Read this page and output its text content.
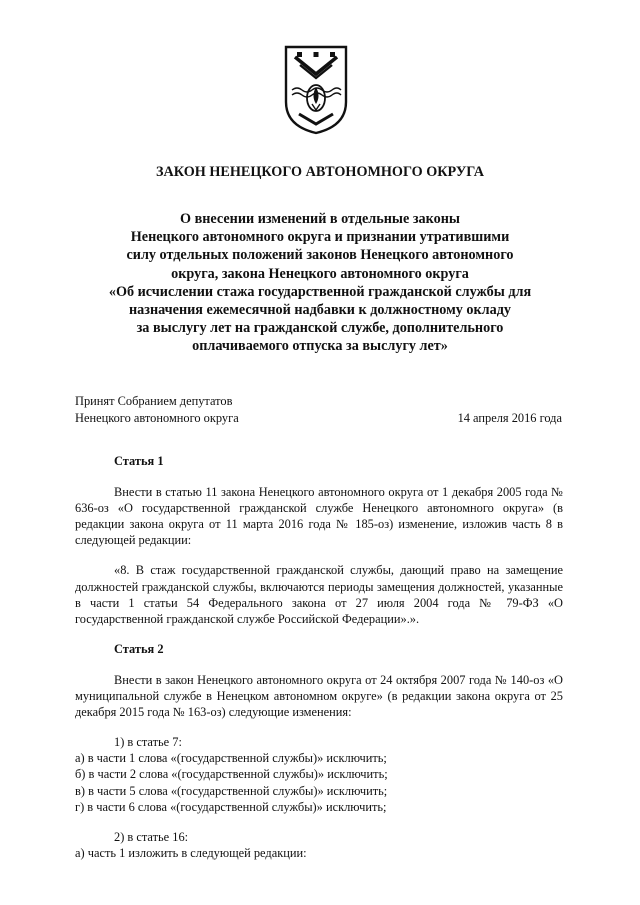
ЗАКОН НЕНЕЦКОГО АВТОНОМНОГО ОКРУГА
О внесении изменений в отдельные законы
Ненецкого автономного округа и признании утратившими
силу отдельных положений законов Ненецкого автономного
округа, закона Ненецкого автономного округа
«Об исчислении стажа государственной гражданской службы для
назначения ежемесячной надбавки к должностному окладу
за выслугу лет на гражданской службе, дополнительного
оплачиваемого отпуска за выслугу лет»
Принят Собранием депутатов
Ненецкого автономного округа	14 апреля 2016 года
Статья 1

Внести в статью 11 закона Ненецкого автономного округа от 1 декабря 2005 года № 636-оз «О государственной гражданской службе Ненецкого автономного округа» (в редакции закона округа от 11 марта 2016 года № 185-оз) изменение, изложив часть 8 в следующей редакции:

«8. В стаж государственной гражданской службы, дающий право на замещение должностей гражданской службы, включаются периоды замещения должностей, указанные в части 1 статьи 54 Федерального закона от 27 июля 2004 года № 79-ФЗ «О государственной гражданской службе Российской Федерации».».

Статья 2

Внести в закон Ненецкого автономного округа от 24 октября 2007 года № 140-оз «О муниципальной службе в Ненецком автономном округе» (в редакции закона округа от 25 декабря 2015 года № 163-оз) следующие изменения:

1) в статье 7:

а) в части 1 слова «(государственной службы)» исключить;

б) в части 2 слова «(государственной службы)» исключить;

в) в части 5 слова «(государственной службы)» исключить;

г) в части 6 слова «(государственной службы)» исключить;

2) в статье 16:

а) часть 1 изложить в следующей редакции:
